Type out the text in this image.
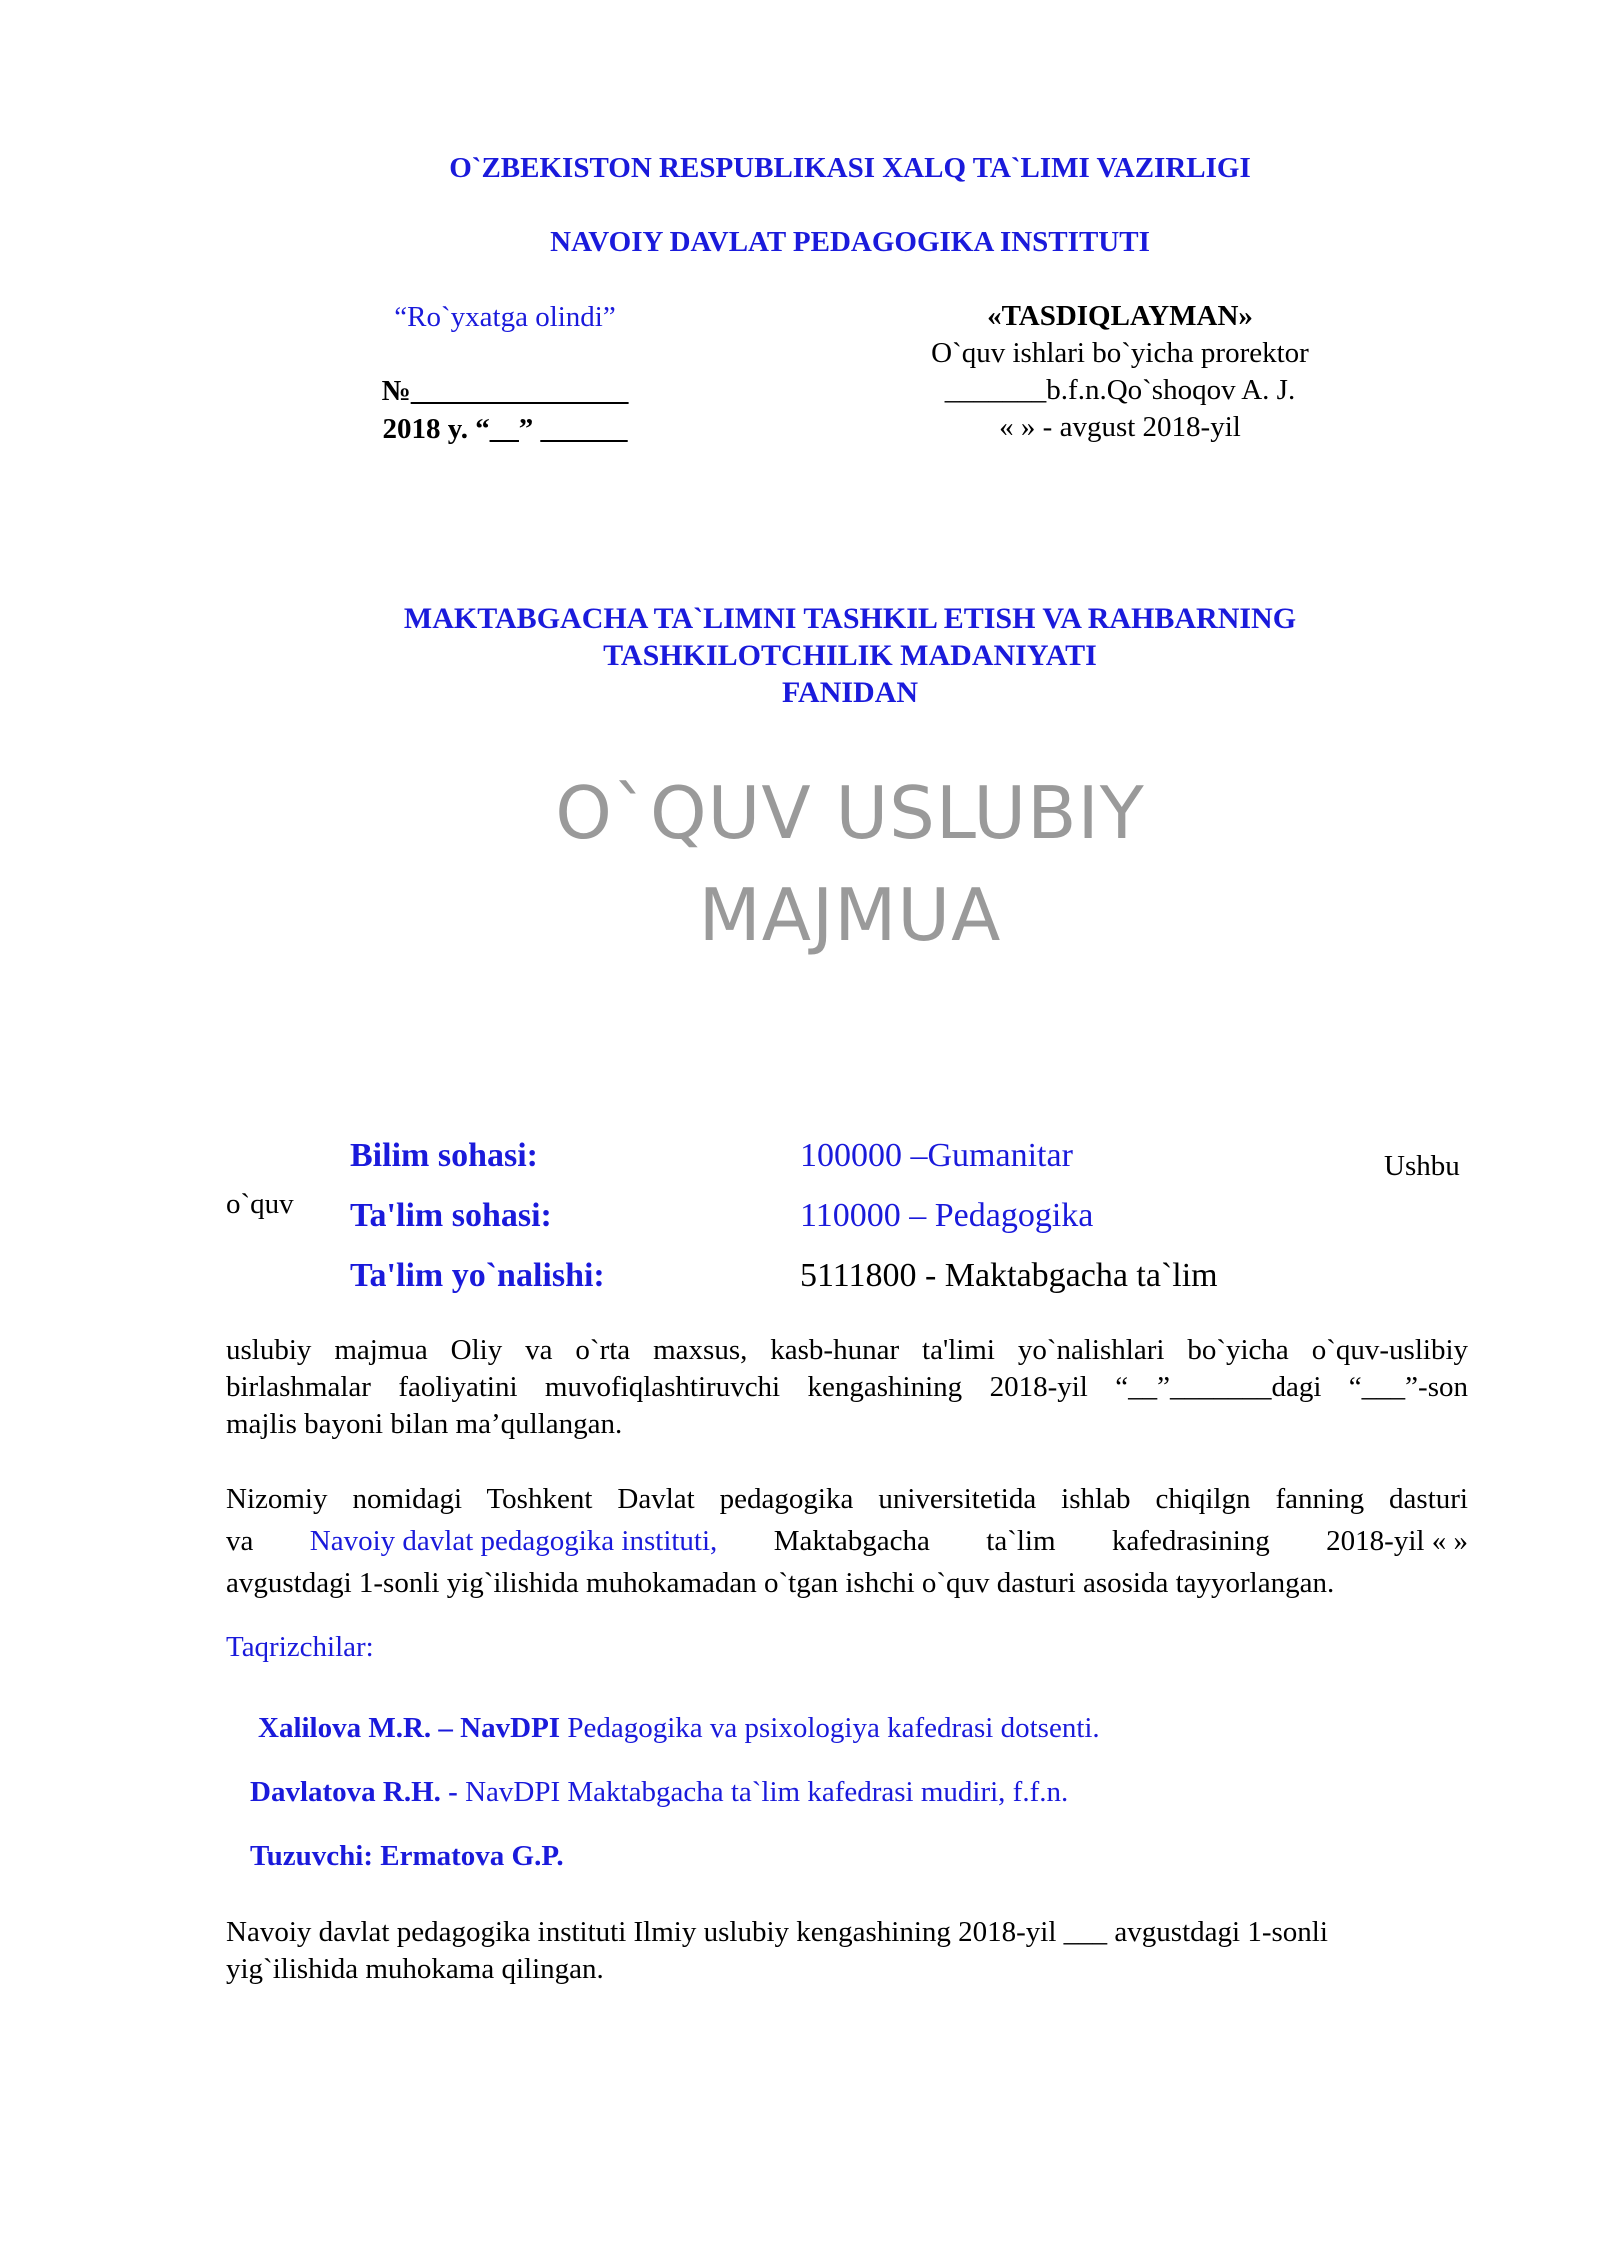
O`ZBEKISTON RESPUBLIKASI XALQ TA`LIMI VAZIRLIGI
NAVOIY DAVLAT PEDAGOGIKA INSTITUTI
“Ro`yxatga olindi”
№_______________
2018 y. “__” ______
«TASDIQLAYMAN»
O`quv ishlari bo`yicha prorektor
_______b.f.n.Qo`shoqov A. J.
« » - avgust 2018-yil
MAKTABGACHA TA`LIMNI TASHKIL ETISH VA RAHBARNING
TASHKILOTCHILIK MADANIYATI
FANIDAN
O`QUV USLUBIY
MAJMUA
o`quv
Ushbu
Bilim sohasi:	100000 –Gumanitar
Ta'lim sohasi:	110000 – Pedagogika
Ta'lim yo`nalishi:	5111800 - Maktabgacha ta`lim
uslubiy majmua Oliy va o`rta maxsus, kasb-hunar ta'limi yo`nalishlari bo`yicha o`quv-uslibiy
birlashmalar faoliyatini muvofiqlashtiruvchi kengashining 2018-yil “__”_______dagi “___”-son
majlis bayoni bilan ma’qullangan.
Nizomiy nomidagi Toshkent Davlat pedagogika universitetida ishlab chiqilgn fanning dasturi
va Navoiy davlat pedagogika instituti, Maktabgacha ta`lim kafedrasining 2018-yil « »
avgustdagi 1-sonli yig`ilishida muhokamadan o`tgan ishchi o`quv dasturi asosida tayyorlangan.
Taqrizchilar:
Xalilova M.R. – NavDPI Pedagogika va psixologiya kafedrasi dotsenti.
Davlatova R.H. - NavDPI Maktabgacha ta`lim kafedrasi mudiri, f.f.n.
Tuzuvchi: Ermatova G.P.
Navoiy davlat pedagogika instituti Ilmiy uslubiy kengashining 2018-yil ___ avgustdagi 1-sonli
yig`ilishida muhokama qilingan.
